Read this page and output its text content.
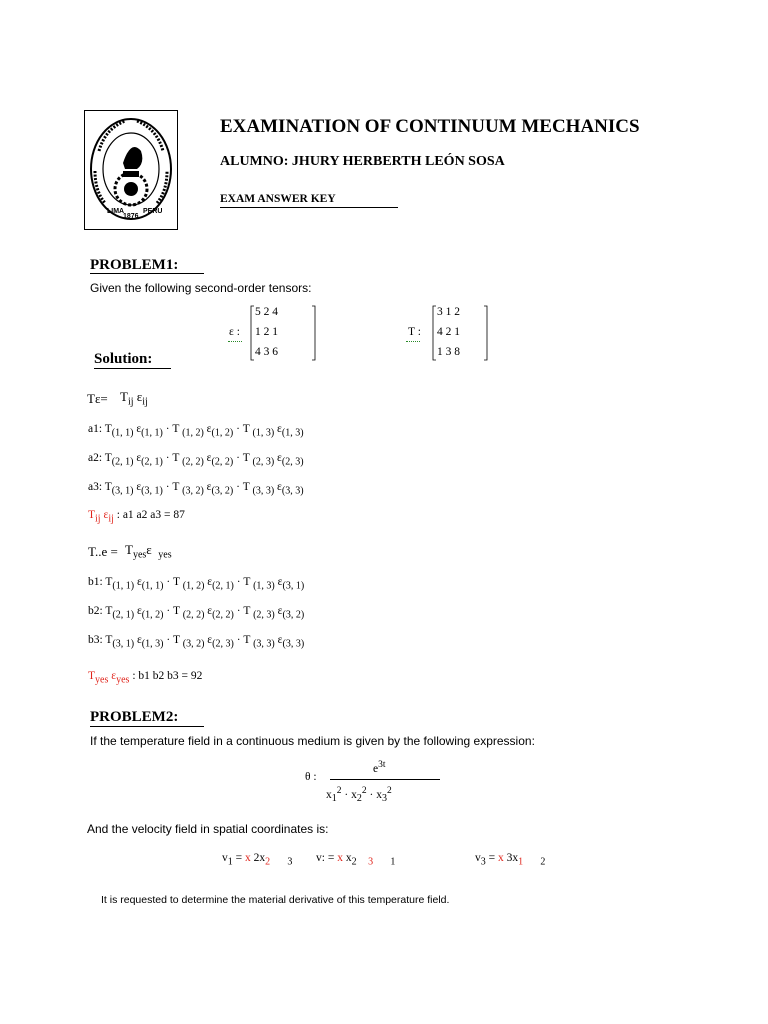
LIMA
1876
PERU
EXAMINATION OF CONTINUUM MECHANICS
ALUMNO: JHURY HERBERTH LEÓN SOSA
EXAM ANSWER KEY
PROBLEM1:
Given the following second-order tensors:
ε :
5 2 4
1 2 1
4 3 6
T :
3 1 2
4 2 1
1 3 8
Solution:
$T\varepsilon= T_{ij}$ $\varepsilon_{ij}$
a1: $T_{(1, 1)}$ $\varepsilon_{(1, 1)} \cdot T$ $_{(1, 2)}$ $\varepsilon_{(1, 2)} \cdot T$ $_{(1, 3)}$ $\varepsilon_{(1, 3)}$
a2: $T_{(2, 1)}$ $\varepsilon_{(2, 1)} \cdot T$ $_{(2, 2)}$ $\varepsilon_{(2, 2)} \cdot T$ $_{(2, 3)}$ $\varepsilon_{(2, 3)}$
a3: $T_{(3, 1)}$ $\varepsilon_{(3, 1)} \cdot T$ $_{(3, 2)}$ $\varepsilon_{(3, 2)} \cdot T$ $_{(3, 3)}$ $\varepsilon_{(3, 3)}$
$T_{ij}$ $\varepsilon_{ij}$ : a1 a2 a3 = 87
$T..e = T_{yes}\varepsilon$ $_{yes}$
b1: $T_{(1, 1)}$ $\varepsilon_{(1, 1)} \cdot T$ $_{(1, 2)}$ $\varepsilon_{(2, 1)} \cdot T$ $_{(1, 3)}$ $\varepsilon_{(3, 1)}$
b2: $T_{(2, 1)}$ $\varepsilon_{(1, 2)} \cdot T$ $_{(2, 2)}$ $\varepsilon_{(2, 2)} \cdot T$ $_{(2, 3)}$ $\varepsilon_{(3, 2)}$
b3: $T_{(3, 1)}$ $\varepsilon_{(1, 3)} \cdot T$ $_{(3, 2)}$ $\varepsilon_{(2, 3)} \cdot T$ $_{(3, 3)}$ $\varepsilon_{(3, 3)}$
$T_{yes}$ $\varepsilon_{yes}$ : b1 b2 b3 = 92
PROBLEM2:
If the temperature field in a continuous medium is given by the following expression:
θ :
$e^{3t}$
$x_1^2 \cdot x_2^2 \cdot x_3^2$
And the velocity field in spatial coordinates is:
$v_1 = x$ $2x_2$ $_3$ v: = x $x_2$ $_3$ $_1$	$v_3 = x$ $3x_1$ $_2$
It is requested to determine the material derivative of this temperature field.
